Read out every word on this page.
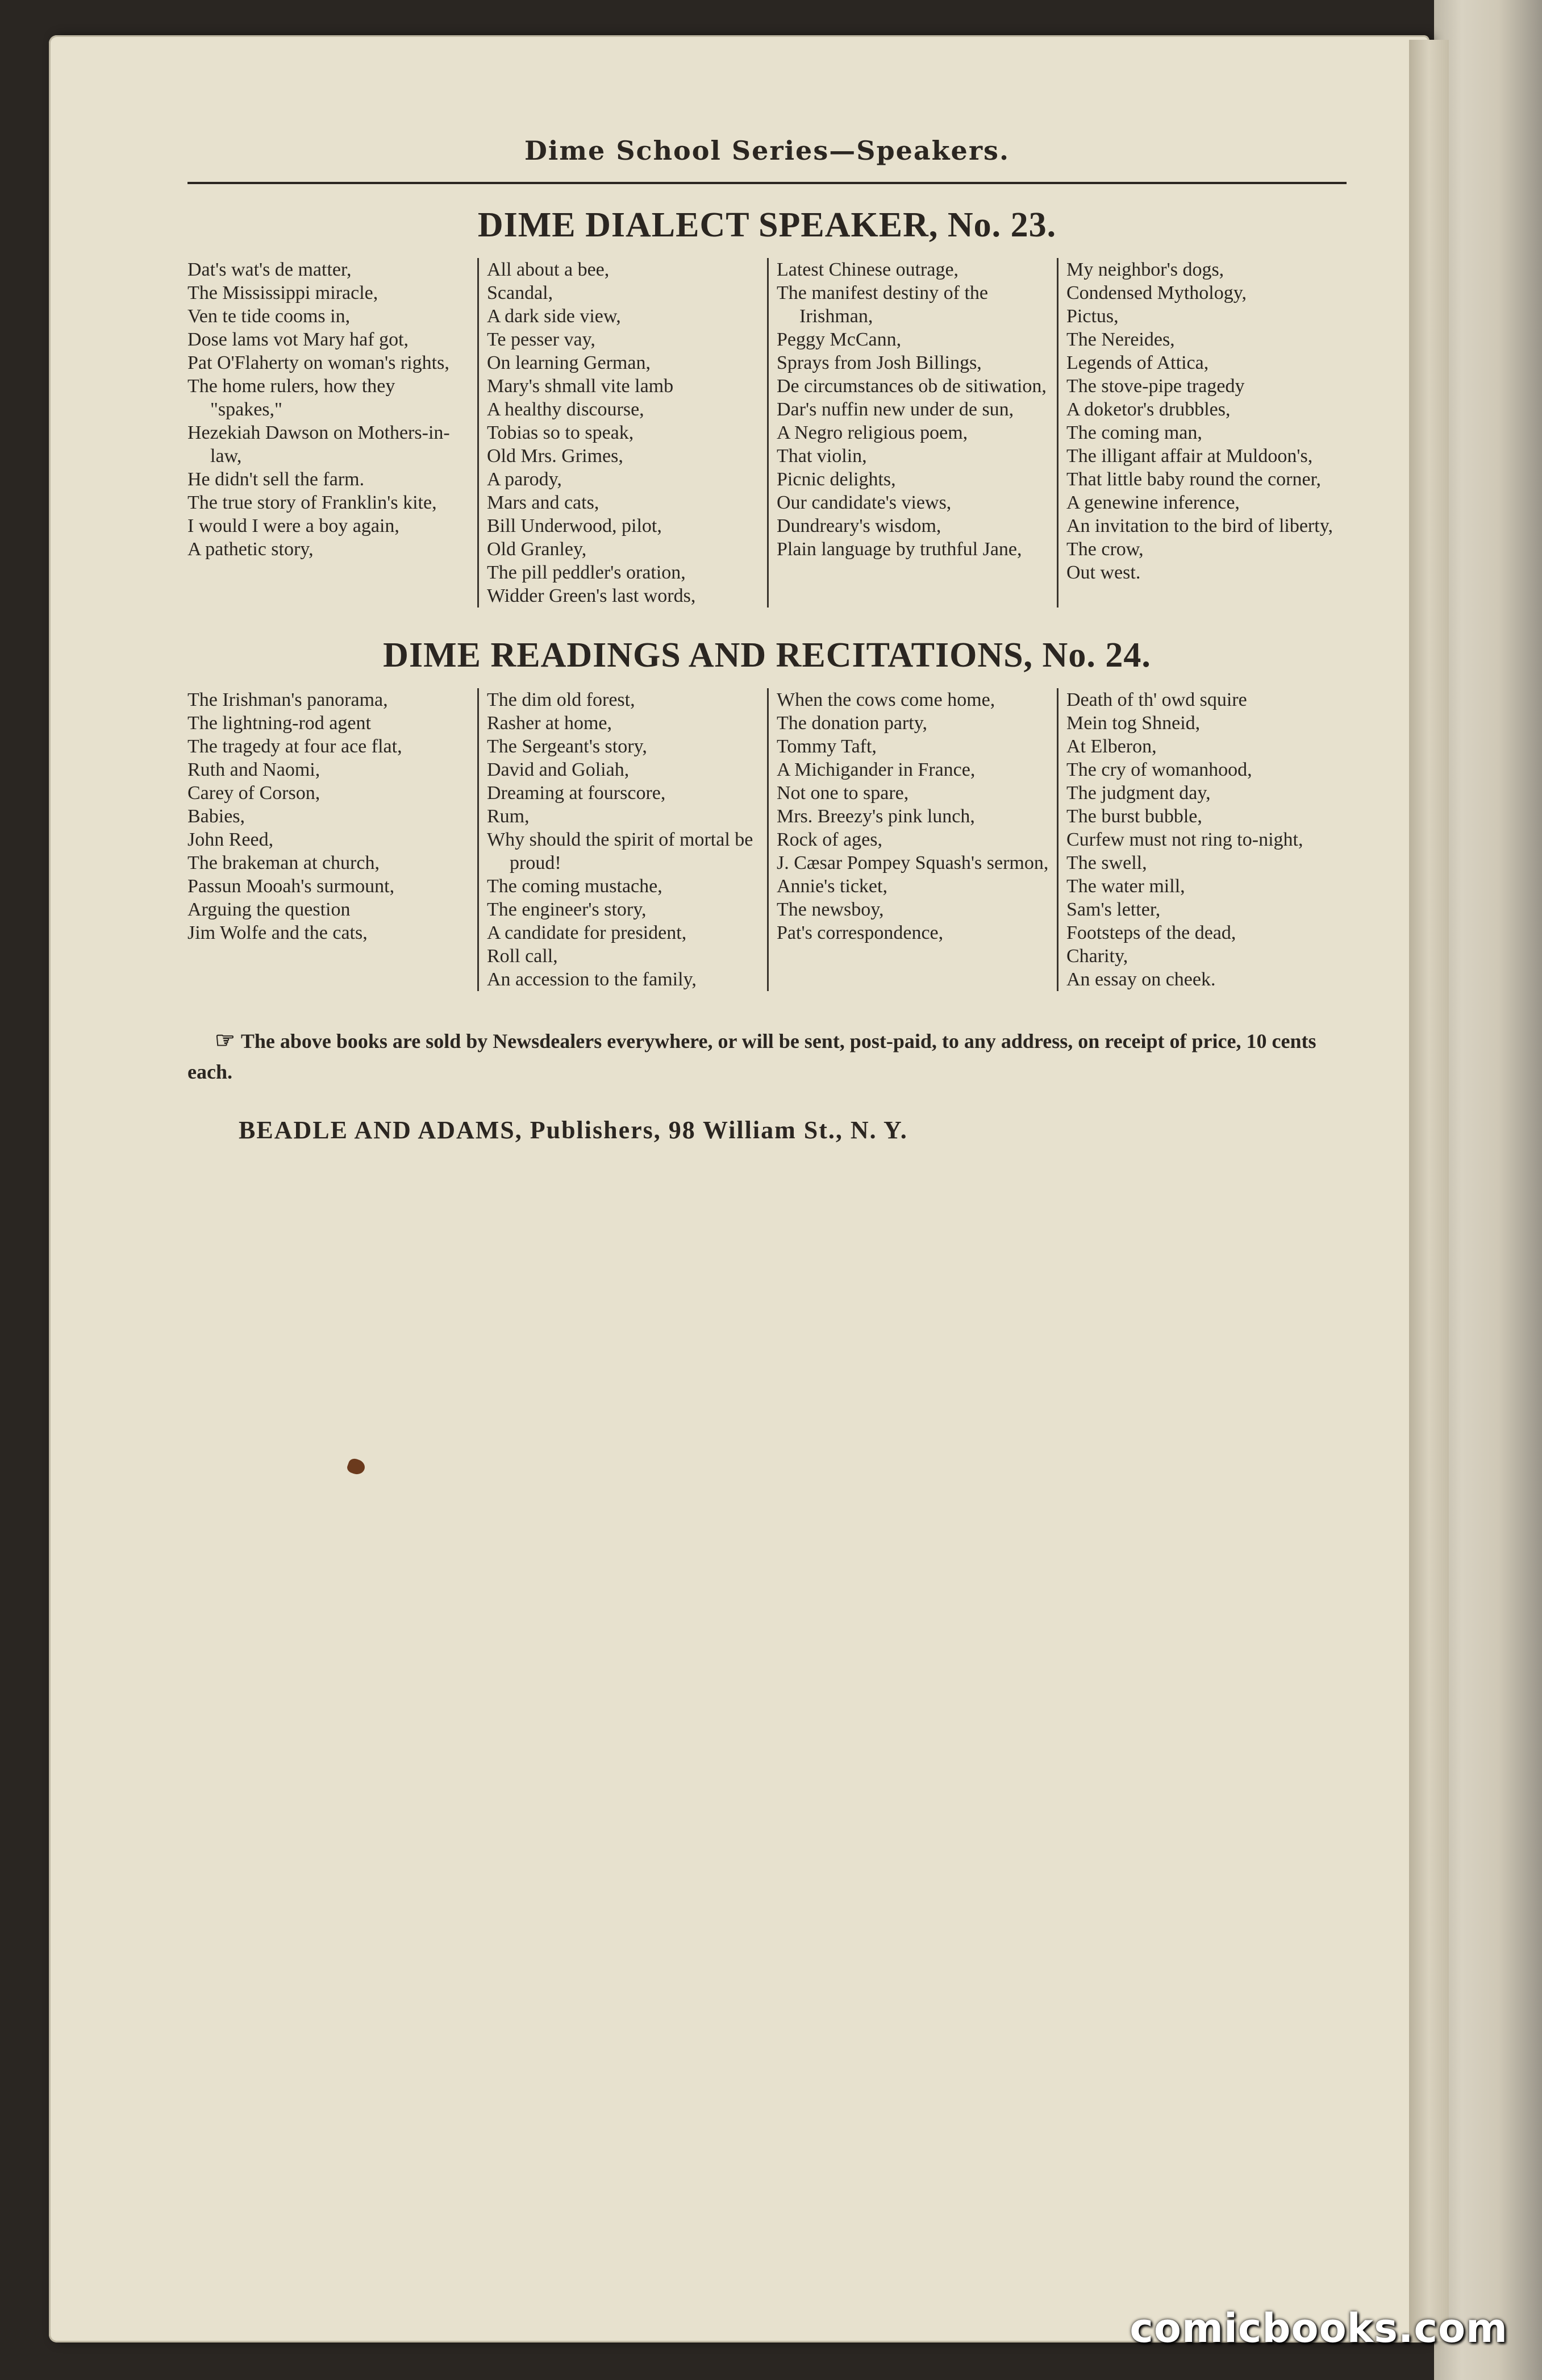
Dime School Series—Speakers.
DIME DIALECT SPEAKER, No. 23.

Dat's wat's de matter,

The Mississippi miracle,

Ven te tide cooms in,

Dose lams vot Mary haf got,

Pat O'Flaherty on woman's rights,

The home rulers, how they "spakes,"

Hezekiah Dawson on Mothers-in-law,

He didn't sell the farm.

The true story of Franklin's kite,

I would I were a boy again,

A pathetic story,

All about a bee,

Scandal,

A dark side view,

Te pesser vay,

On learning German,

Mary's shmall vite lamb

A healthy discourse,

Tobias so to speak,

Old Mrs. Grimes,

A parody,

Mars and cats,

Bill Underwood, pilot,

Old Granley,

The pill peddler's oration,

Widder Green's last words,

Latest Chinese outrage,

The manifest destiny of the Irishman,

Peggy McCann,

Sprays from Josh Billings,

De circumstances ob de sitiwation,

Dar's nuffin new under de sun,

A Negro religious poem,

That violin,

Picnic delights,

Our candidate's views,

Dundreary's wisdom,

Plain language by truthful Jane,

My neighbor's dogs,

Condensed Mythology,

Pictus,

The Nereides,

Legends of Attica,

The stove-pipe tragedy

A doketor's drubbles,

The coming man,

The illigant affair at Muldoon's,

That little baby round the corner,

A genewine inference,

An invitation to the bird of liberty,

The crow,

Out west.

DIME READINGS AND RECITATIONS, No. 24.

The Irishman's panorama,

The lightning-rod agent

The tragedy at four ace flat,

Ruth and Naomi,

Carey of Corson,

Babies,

John Reed,

The brakeman at church,

Passun Mooah's surmount,

Arguing the question

Jim Wolfe and the cats,

The dim old forest,

Rasher at home,

The Sergeant's story,

David and Goliah,

Dreaming at fourscore,

Rum,

Why should the spirit of mortal be proud!

The coming mustache,

The engineer's story,

A candidate for president,

Roll call,

An accession to the family,

When the cows come home,

The donation party,

Tommy Taft,

A Michigander in France,

Not one to spare,

Mrs. Breezy's pink lunch,

Rock of ages,

J. Cæsar Pompey Squash's sermon,

Annie's ticket,

The newsboy,

Pat's correspondence,

Death of th' owd squire

Mein tog Shneid,

At Elberon,

The cry of womanhood,

The judgment day,

The burst bubble,

Curfew must not ring to-night,

The swell,

The water mill,

Sam's letter,

Footsteps of the dead,

Charity,

An essay on cheek.

☞ The above books are sold by Newsdealers everywhere, or will be sent, post-paid, to any address, on receipt of price, 10 cents each.

BEADLE AND ADAMS, Publishers, 98 William St., N. Y.

comicbooks.com
